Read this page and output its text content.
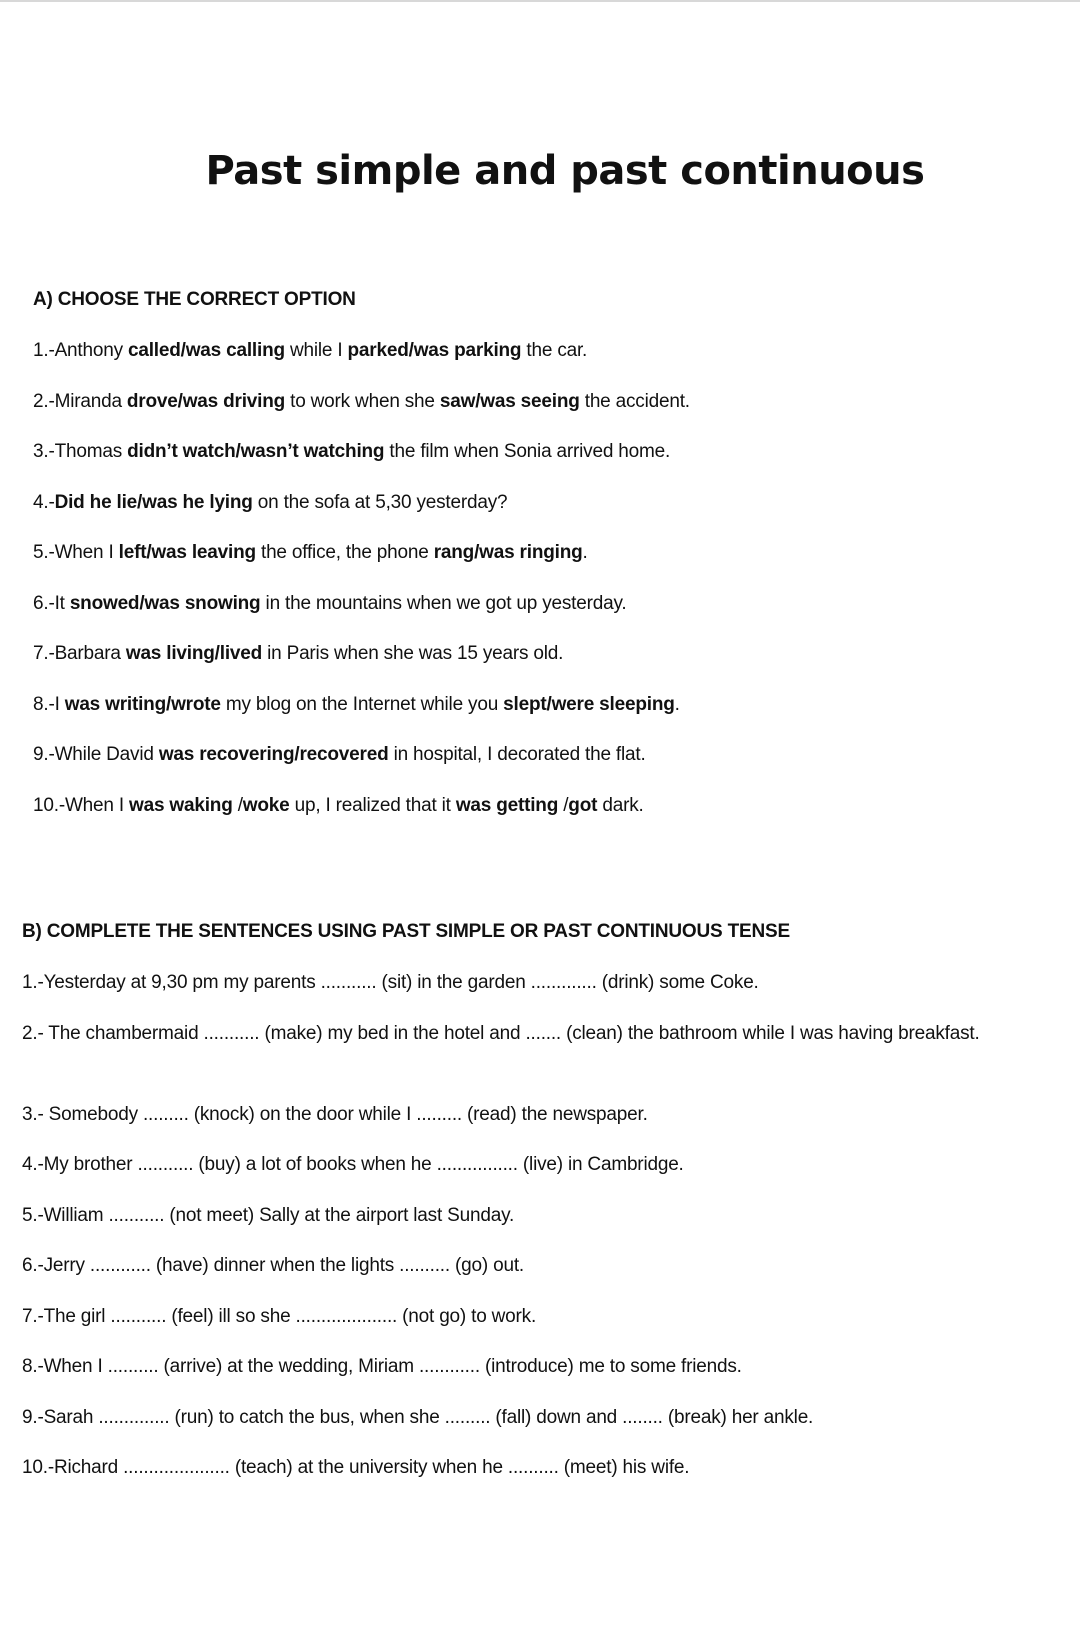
Past simple and past continuous
A) CHOOSE THE CORRECT OPTION
1.-Anthony called/was calling while I parked/was parking the car.
2.-Miranda drove/was driving to work when she saw/was seeing the accident.
3.-Thomas didn’t watch/wasn’t watching the film when Sonia arrived home.
4.-Did he lie/was he lying on the sofa at 5,30 yesterday?
5.-When I left/was leaving the office, the phone rang/was ringing.
6.-It snowed/was snowing in the mountains when we got up yesterday.
7.-Barbara was living/lived in Paris when she was 15 years old.
8.-I was writing/wrote my blog on the Internet while you slept/were sleeping.
9.-While David was recovering/recovered in hospital, I decorated the flat.
10.-When I was waking /woke up, I realized that it was getting /got dark.
B) COMPLETE THE SENTENCES USING PAST SIMPLE OR PAST CONTINUOUS TENSE
1.-Yesterday at 9,30 pm my parents ........... (sit) in the garden ............. (drink) some Coke.
2.- The chambermaid ........... (make) my bed in the hotel and ....... (clean) the bathroom while I was having breakfast.
3.- Somebody ......... (knock) on the door while I ......... (read) the newspaper.
4.-My brother ........... (buy) a lot of books when he ................ (live) in Cambridge.
5.-William ........... (not meet) Sally at the airport last Sunday.
6.-Jerry ............ (have) dinner when the lights .......... (go) out.
7.-The girl ........... (feel) ill so she .................... (not go) to work.
8.-When I .......... (arrive) at the wedding, Miriam ............ (introduce) me to some friends.
9.-Sarah .............. (run) to catch the bus, when she ......... (fall) down and ........ (break) her ankle.
10.-Richard ..................... (teach) at the university when he .......... (meet) his wife.
